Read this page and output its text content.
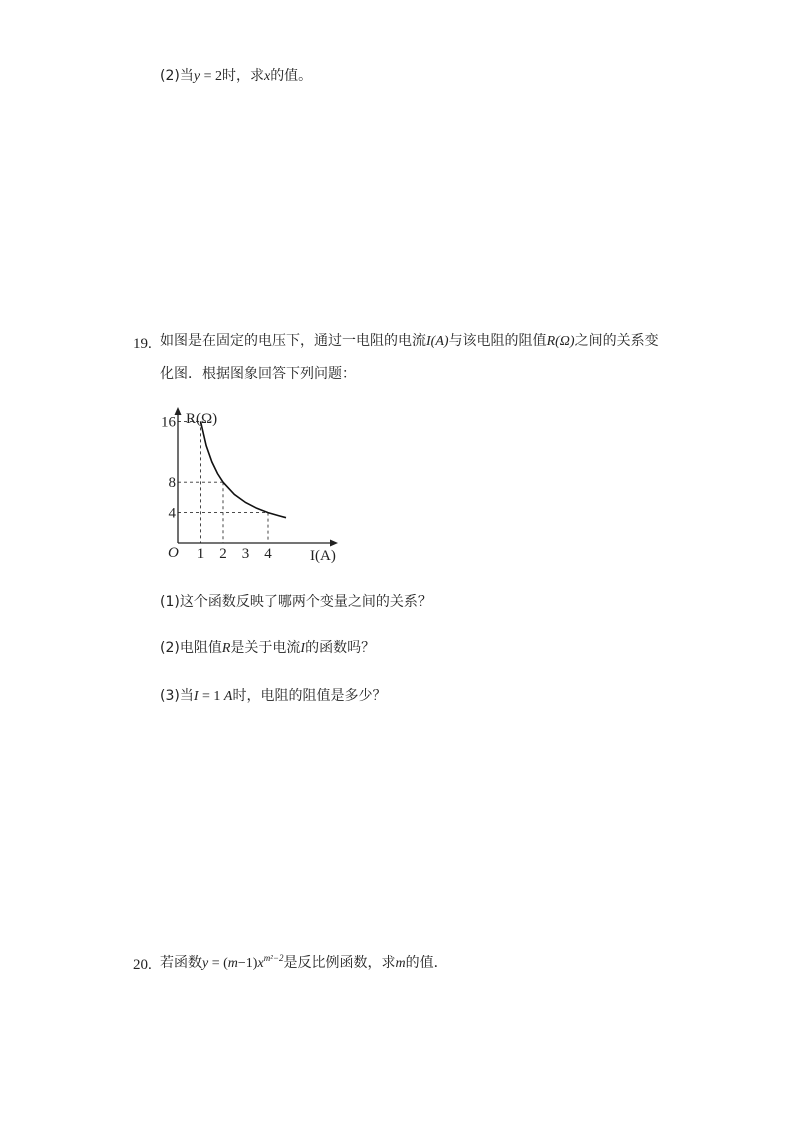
(2)当y = 2时，求x的值。
19. 如图是在固定的电压下，通过一电阻的电流I(A)与该电阻的阻值R(Ω)之间的关系变
化图．根据图象回答下列问题：
1 2 3 4
16
8
4
O
R(Ω)
I(A)
(1)这个函数反映了哪两个变量之间的关系？
(2)电阻值R是关于电流I的函数吗？
(3)当I = 1 A时，电阻的阻值是多少？
20. 若函数$y = (m-1)x^{m^2-2}$是反比例函数，求m的值．
